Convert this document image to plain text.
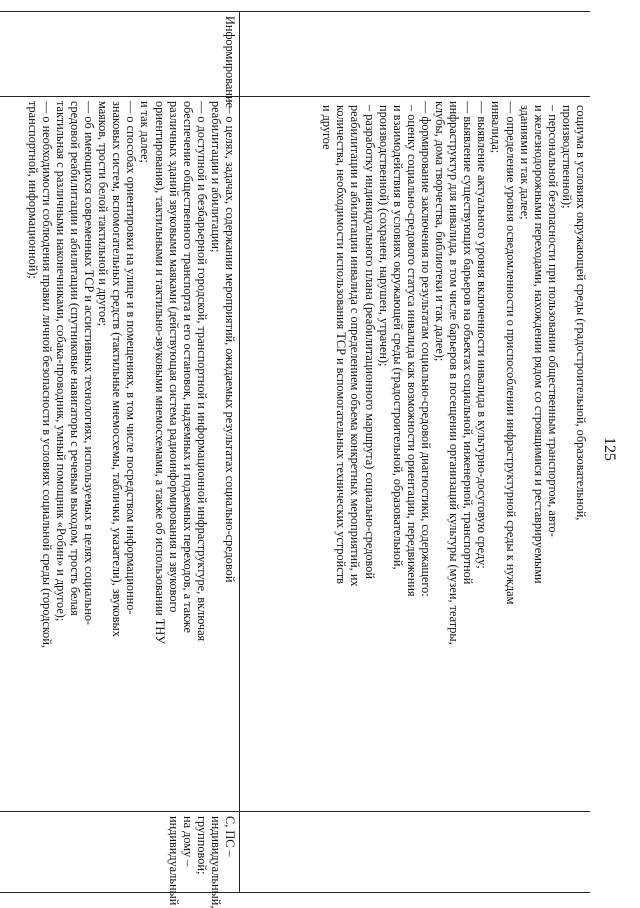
125
социума в условиях окружающей среды (градостроительной, образовательной,
производственной);
– персональной безопасности при пользовании общественным транспортом, авто-
и железнодорожными переходами, нахождении рядом со строящимися и реставрируемыми
зданиями и так далее;
— определение уровня осведомленности о приспособлении инфраструктурной среды к нуждам
инвалида;
— выявление актуального уровня включенности инвалида в культурно-досуговую среду;
— выявление существующих барьеров на объектах социальной, инженерной, транспортной
инфраструктур для инвалида, в том числе барьеров в посещении организаций культуры (музеи, театры,
клубы, дома творчества, библиотеки и так далее);
— формирование заключения по результатам социально-средовой диагностики, содержащего:
– оценку социально-средового статуса инвалида как возможности ориентации, передвижения
и взаимодействия в условиях окружающей среды (градостроительной, образовательной,
производственной) (сохранен, нарушен, утрачен);
– разработку индивидуального плана (реабилитационного маршрута) социально-средовой
реабилитации и абилитации инвалида с определением объема конкретных мероприятий, их
количества, необходимости использования ТСР и вспомогательных технических устройств
и другое
Информирование
— о целях, задачах, содержании мероприятий, ожидаемых результатах социально-средовой
реабилитации и абилитации;
— о доступной и безбарьерной городской, транспортной и информационной инфраструктуре, включая
обеспечение общественного транспорта и его остановок, надземных и подземных переходов, а также
различных зданий звуковыми маяками (действующая система радиоинформирования и звукового
ориентирования), тактильными и тактильно-звуковыми мнемосхемами, а также об использовании ТНУ
и так далее;
— о способах ориентировки на улице и в помещениях, в том числе посредством информационно-
знаковых систем, вспомогательных средств (тактильные мнемосхемы, таблички, указатели), звуковых
маяков, трости белой тактильной и другое;
— об имеющихся современных ТСР и ассистивных технологиях, используемых в целях социально-
средовой реабилитации и абилитации (спутниковые навигаторы с речевым выходом, трость белая
тактильная с различными наконечниками, собака-проводник, умный помощник «Робин» и другое);
— о необходимости соблюдения правил личной безопасности в условиях социальной среды (городской,
транспортной, информационной);
С, ПС –
индивидуальный,
групповой;
на дому –
индивидуальный
